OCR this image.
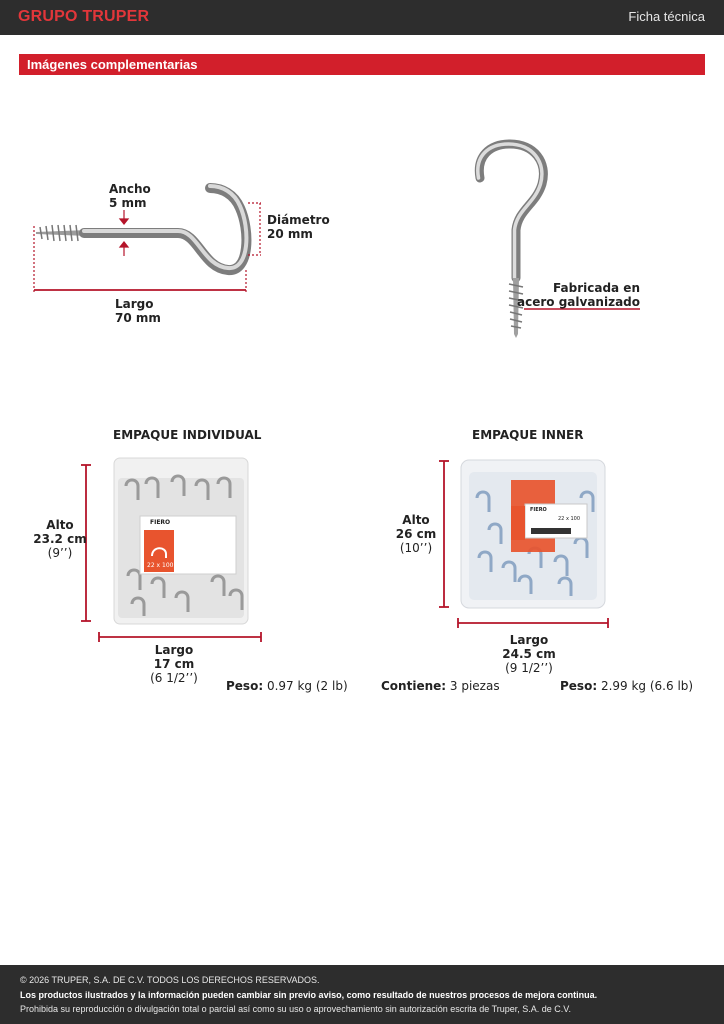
GRUPO TRUPER	Ficha técnica
Imágenes complementarias
Ancho
5 mm
Diámetro
20 mm
Largo
70 mm
Fabricada en
acero galvanizado
EMPAQUE INDIVIDUAL
FIERO
22 x 100
Alto
23.2 cm
(9’’)
Largo
17 cm
(6 1/2’’)
Peso: 0.97 kg (2 lb)
EMPAQUE INNER
FIERO
22 x 100
Alto
26 cm
(10’’)
Largo
24.5 cm
(9 1/2’’)
Contiene: 3 piezas	Peso: 2.99 kg (6.6 lb)
© 2026 TRUPER, S.A. DE C.V. TODOS LOS DERECHOS RESERVADOS.
Los productos ilustrados y la información pueden cambiar sin previo aviso, como resultado de nuestros procesos de mejora continua.
Prohibida su reproducción o divulgación total o parcial así como su uso o aprovechamiento sin autorización escrita de Truper, S.A. de C.V.
